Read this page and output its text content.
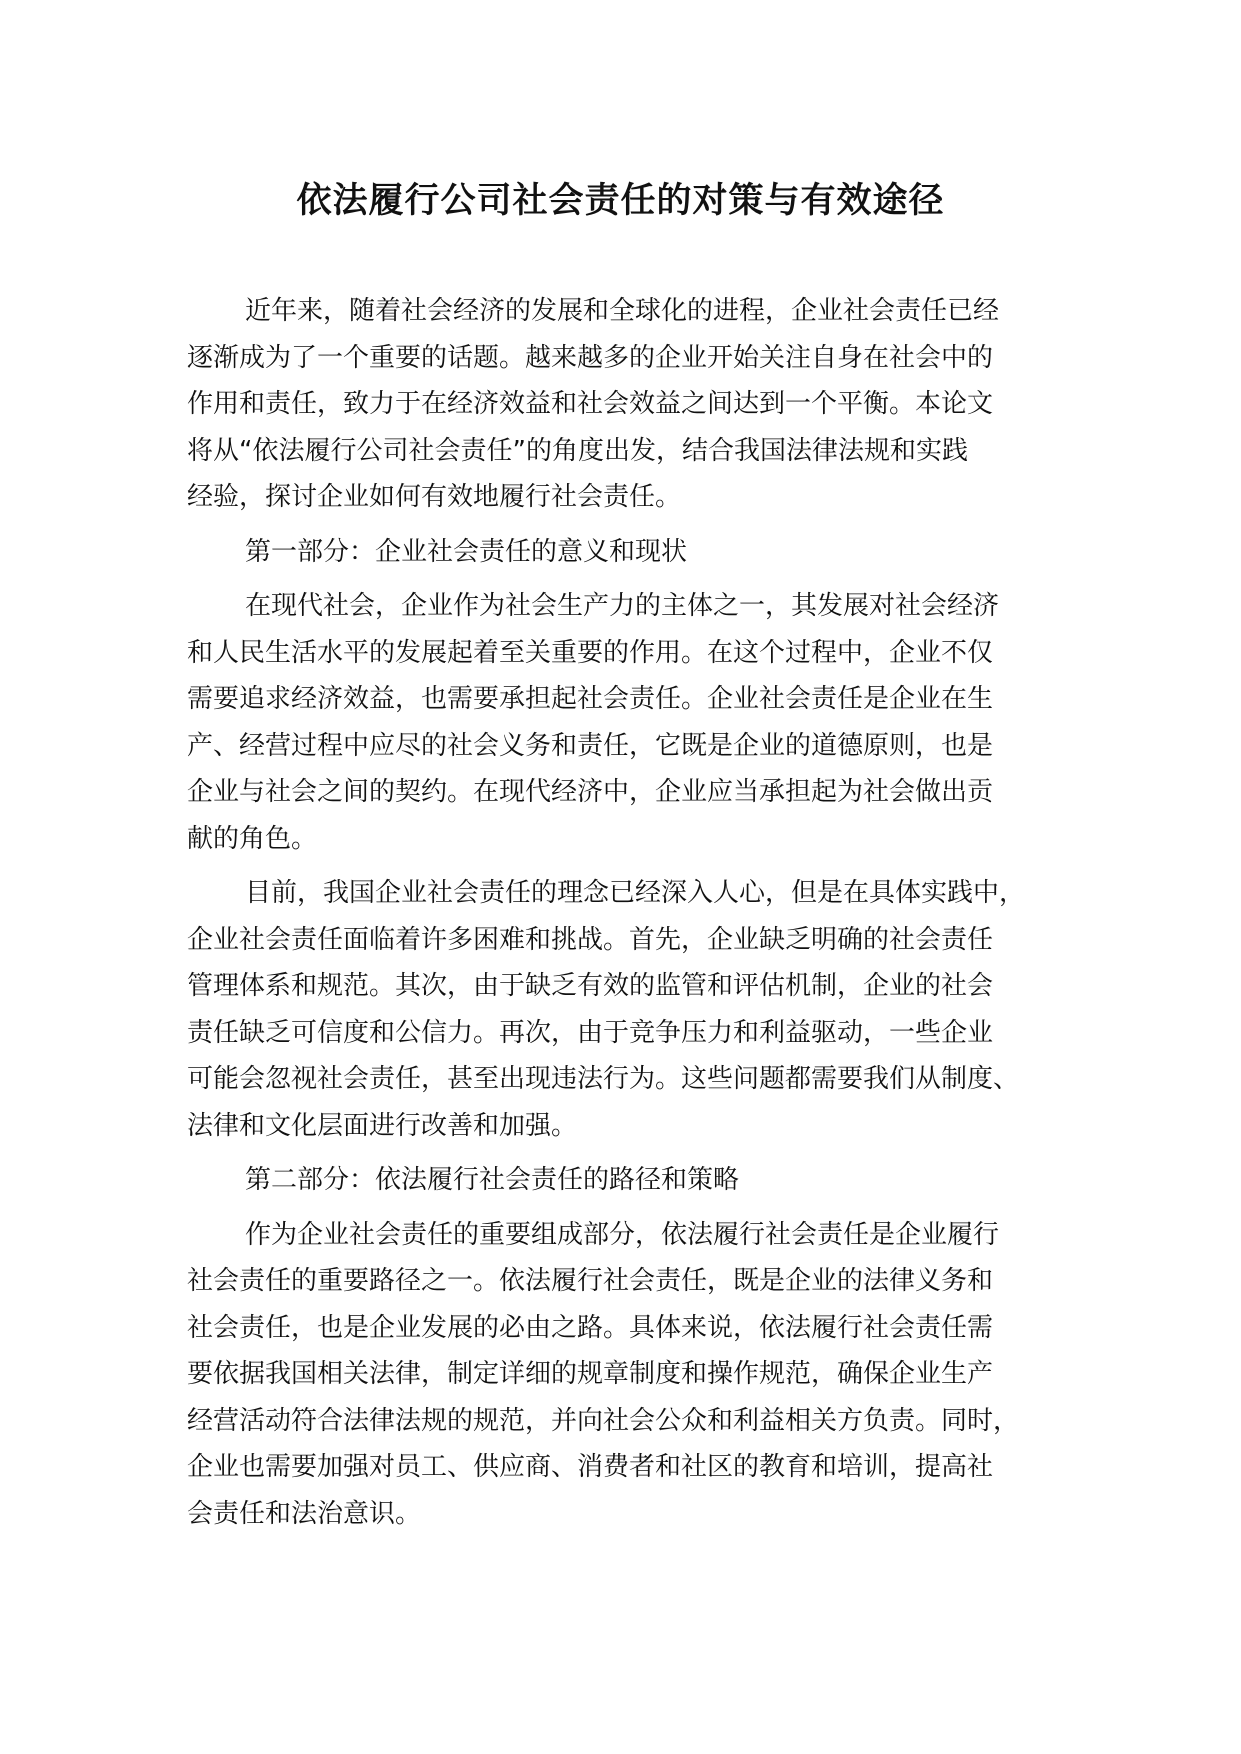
依法履行公司社会责任的对策与有效途径

近年来，随着社会经济的发展和全球化的进程，企业社会责任已经
逐渐成为了一个重要的话题。越来越多的企业开始关注自身在社会中的
作用和责任，致力于在经济效益和社会效益之间达到一个平衡。本论文
将从“依法履行公司社会责任”的角度出发，结合我国法律法规和实践
经验，探讨企业如何有效地履行社会责任。

第一部分：企业社会责任的意义和现状

在现代社会，企业作为社会生产力的主体之一，其发展对社会经济
和人民生活水平的发展起着至关重要的作用。在这个过程中，企业不仅
需要追求经济效益，也需要承担起社会责任。企业社会责任是企业在生
产、经营过程中应尽的社会义务和责任，它既是企业的道德原则，也是
企业与社会之间的契约。在现代经济中，企业应当承担起为社会做出贡
献的角色。

目前，我国企业社会责任的理念已经深入人心，但是在具体实践中，
企业社会责任面临着许多困难和挑战。首先，企业缺乏明确的社会责任
管理体系和规范。其次，由于缺乏有效的监管和评估机制，企业的社会
责任缺乏可信度和公信力。再次，由于竞争压力和利益驱动，一些企业
可能会忽视社会责任，甚至出现违法行为。这些问题都需要我们从制度、
法律和文化层面进行改善和加强。

第二部分：依法履行社会责任的路径和策略

作为企业社会责任的重要组成部分，依法履行社会责任是企业履行
社会责任的重要路径之一。依法履行社会责任，既是企业的法律义务和
社会责任，也是企业发展的必由之路。具体来说，依法履行社会责任需
要依据我国相关法律，制定详细的规章制度和操作规范，确保企业生产
经营活动符合法律法规的规范，并向社会公众和利益相关方负责。同时，
企业也需要加强对员工、供应商、消费者和社区的教育和培训，提高社
会责任和法治意识。
